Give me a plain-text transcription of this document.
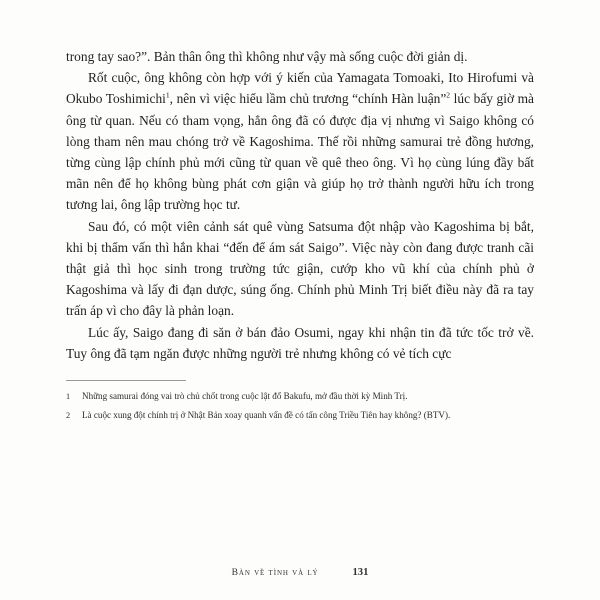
trong tay sao?”. Bản thân ông thì không như vậy mà sống cuộc đời giản dị.

Rốt cuộc, ông không còn hợp với ý kiến của Yamagata Tomoaki, Ito Hirofumi và Okubo Toshimichi$^1$, nên vì việc hiểu lầm chủ trương “chính Hàn luận”$^2$ lúc bấy giờ mà ông từ quan. Nếu có tham vọng, hẳn ông đã có được địa vị nhưng vì Saigo không có lòng tham nên mau chóng trở về Kagoshima. Thế rồi những samurai trẻ đồng hương, từng cùng lập chính phủ mới cũng từ quan về quê theo ông. Vì họ cùng lúng đầy bất mãn nên để họ không bùng phát cơn giận và giúp họ trở thành người hữu ích trong tương lai, ông lập trường học tư.

Sau đó, có một viên cảnh sát quê vùng Satsuma đột nhập vào Kagoshima bị bắt, khi bị thẩm vấn thì hắn khai “đến để ám sát Saigo”. Việc này còn đang được tranh cãi thật giả thì học sinh trong trường tức giận, cướp kho vũ khí của chính phủ ở Kagoshima và lấy đi đạn dược, súng ống. Chính phủ Minh Trị biết điều này đã ra tay trấn áp vì cho đây là phản loạn.

Lúc ấy, Saigo đang đi săn ở bán đảo Osumi, ngay khi nhận tin đã tức tốc trở về. Tuy ông đã tạm ngăn được những người trẻ nhưng không có vẻ tích cực

1	Những samurai đóng vai trò chủ chốt trong cuộc lật đổ Bakufu, mở đầu thời kỳ Minh Trị.
2	Là cuộc xung đột chính trị ở Nhật Bản xoay quanh vấn đề có tấn công Triều Tiên hay không? (BTV).
Bàn về tình và lý	131
